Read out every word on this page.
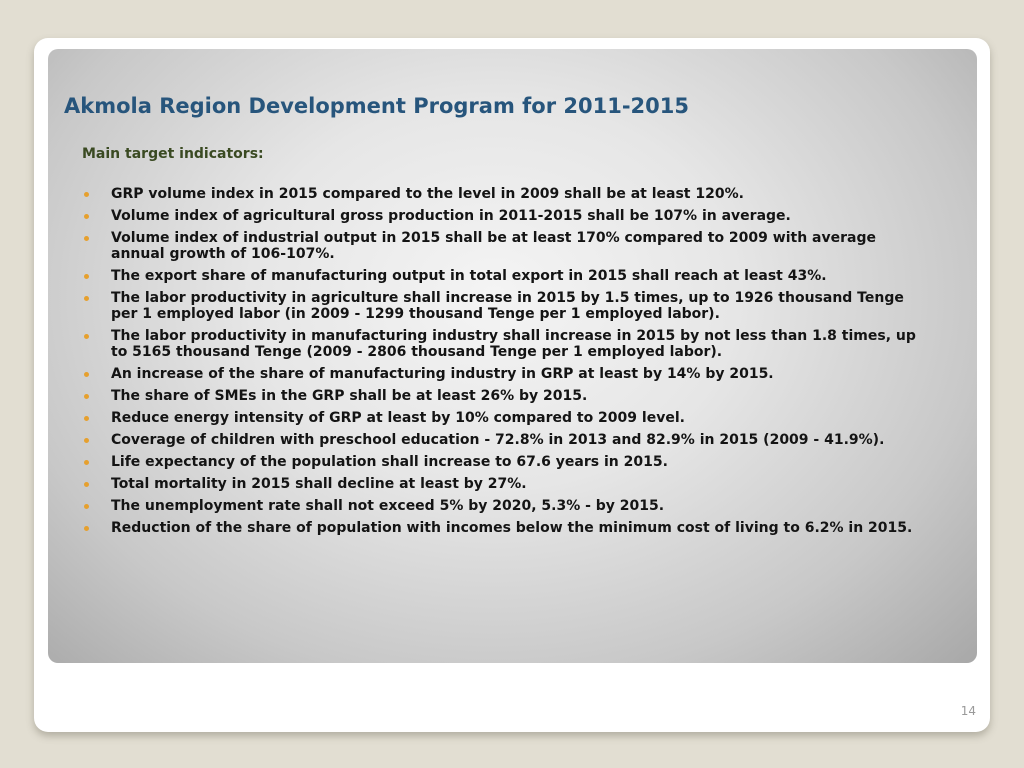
Akmola Region Development Program for 2011-2015

Main target indicators:

GRP volume index in 2015 compared to the level in 2009 shall be at least 120%.
Volume index of agricultural gross production in 2011-2015 shall be 107% in average.
Volume index of industrial output in 2015 shall be at least 170% compared to 2009 with average annual growth of 106-107%.
The export share of manufacturing output in total export in 2015 shall reach at least 43%.
The labor productivity in agriculture shall increase in 2015 by 1.5 times, up to 1926 thousand Tenge per 1 employed labor (in 2009 - 1299 thousand Tenge per 1 employed labor).
The labor productivity in manufacturing industry shall increase in 2015 by not less than 1.8 times, up to 5165 thousand Tenge (2009 - 2806 thousand Tenge per 1 employed labor).
An increase of the share of manufacturing industry in GRP at least by 14% by 2015.
The share of SMEs in the GRP shall be at least 26% by 2015.
Reduce energy intensity of GRP at least by 10% compared to 2009 level.
Coverage of children with preschool education - 72.8% in 2013 and 82.9% in 2015 (2009 - 41.9%).
Life expectancy of the population shall increase to 67.6 years in 2015.
Total mortality in 2015 shall decline at least by 27%.
The unemployment rate shall not exceed 5% by 2020, 5.3% - by 2015.
Reduction of the share of population with incomes below the minimum cost of living to 6.2% in 2015.
14
